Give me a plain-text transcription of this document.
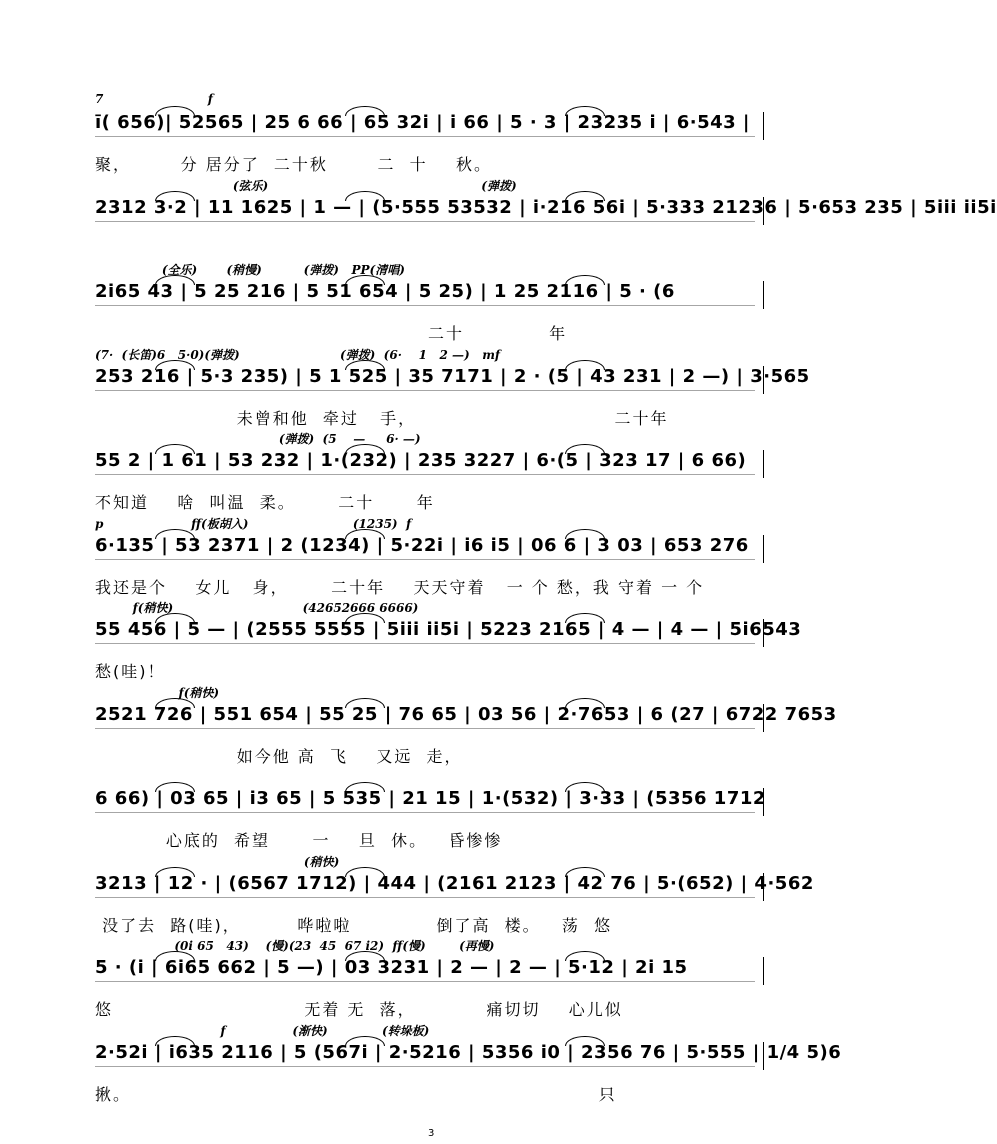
7                         f
ī( 656)| 52565 | 25 6 66 | 65 32i | i 66 | 5 · 3 | 23235 i | 6·543 |
聚，       分 居分了  二十秋       二  十    秋。
(弦乐)                                                   (弹拨)
2312 3·2 | 11 1625 | 1 — | (5·555 53532 | i·216 56i | 5·333 21236 | 5·653 235 | 5iii ii5i
(全乐)       (稍慢)          (弹拨)   PP(清唱)
2i65 43 | 5 25 216 | 5 51 654 | 5 25) | 1 25 2116 | 5 · (6
二十            年
(7·  (长笛)6   5·0)(弹拨)                        (弹拨)  (6·    1   2 —)   mf
253 216 | 5·3 235) | 5 1 525 | 35 7171 | 2 · (5 | 43 231 | 2 —) | 3·565
未曾和他  牵过   手，                            二十年
(弹拨)  (5    —     6· —)
55 2 | 1 61 | 53 232 | 1·(232) | 235 3227 | 6·(5 | 323 17 | 6 66)
不知道    啥  叫温  柔。      二十      年
p                     ff(板胡入)                         (1235)  f
6·135 | 53 2371 | 2 (1234) | 5·22i | i6 i5 | 06 6 | 3 03 | 653 276
我还是个    女儿   身，      二十年    天天守着   一 个 愁，我 守着 一 个
f(稍快)                               (42652666 6666)
55 456 | 5 — | (2555 5555 | 5iii ii5i | 5223 2165 | 4 — | 4 — | 5i6543
愁(哇)！
f(稍快)
2521 726 | 551 654 | 55 25 | 76 65 | 03 56 | 2·7653 | 6 (27 | 6722 7653
如今他 高  飞    又远  走，
6 66) | 03 65 | i3 65 | 5 535 | 21 15 | 1·(532) | 3·33 | (5356 1712
心底的  希望      一    旦  休。   昏惨惨
(稍快)
3213 | 12 · | (6567 1712) | 444 | (2161 2123 | 42 76 | 5·(652) | 4·562
没了去  路(哇)，        哗啦啦            倒了高  楼。   荡  悠
(0i 65   43)    (慢)(23  45  67 i2)  ff(慢)        (再慢)
5 · (i | 6i65 662 | 5 —) | 03 3231 | 2 — | 2 — | 5·12 | 2i 15
悠                           无着 无  落，          痛切切    心儿似
f                (渐快)             (转垛板)
2·52i | i635 2116 | 5 (567i | 2·5216 | 5356 i0 | 2356 76 | 5·555 | 1/4 5)6
揪。                                                                  只
3
